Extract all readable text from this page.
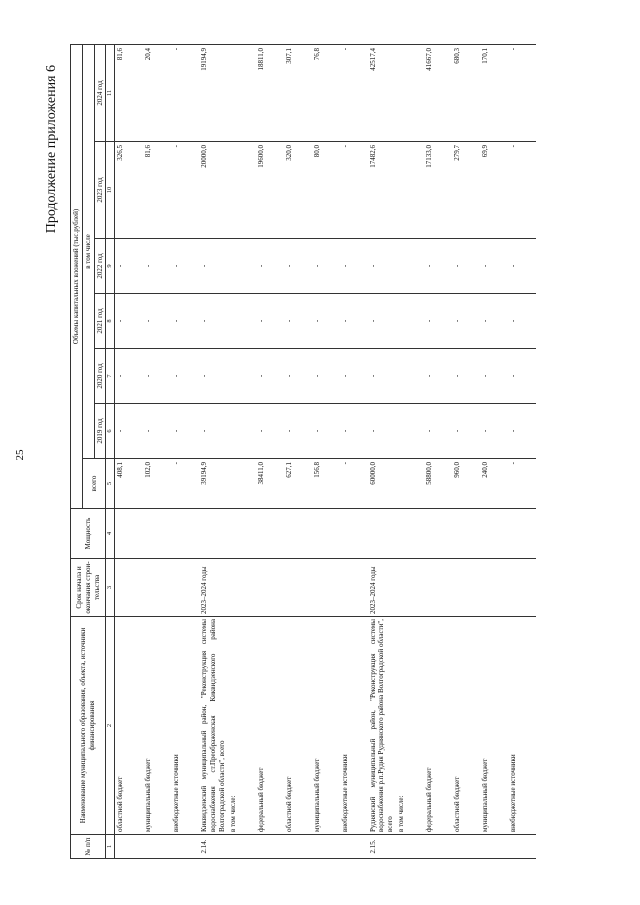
25
Продолжение приложения 6
№ п/п	Наименование муниципального образования, объекта, источники финансирования	Срок начала и окончания строи-тельства	Мощность	Объемы капитальных вложений (тыс.рублей)						
				всего	в том числе					
					2019 год	2020 год	2021 год	2022 год	2023 год	2024 год
1	2	3	4	5	6	7	8	9	10	11
	областной бюджет			408,1	-	-	-	-	326,5	81,6
	муниципальный бюджет			102,0	-	-	-	-	81,6	20,4
	внебюджетные источники			-	-	-	-	-	-	-
2.14.	Киквидзенский муниципальный район, "Реконструкция системы водоснабжения ст.Преображенская Киквидзенского района Волгоградской области", всего	2023–2024 годы		39194,9	-	-	-	-	20000,0	19194,9
	в том числе:									
	федеральный бюджет			38411,0	-	-	-	-	19600,0	18811,0
	областной бюджет			627,1	-	-	-	-	320,0	307,1
	муниципальный бюджет			156,8	-	-	-	-	80,0	76,8
	внебюджетные источники			-	-	-	-	-	-	-
2.15.	Руднянский муниципальный район, "Реконструкция системы водоснабжения р.п.Рудня Руднянского района Волгоградской области", всего	2023–2024 годы		60000,0	-	-	-	-	17482,6	42517,4
	в том числе:									
	федеральный бюджет			58800,0	-	-	-	-	17133,0	41667,0
	областной бюджет			960,0	-	-	-	-	279,7	680,3
	муниципальный бюджет			240,0	-	-	-	-	69,9	170,1
	внебюджетные источники			-	-	-	-	-	-	-
